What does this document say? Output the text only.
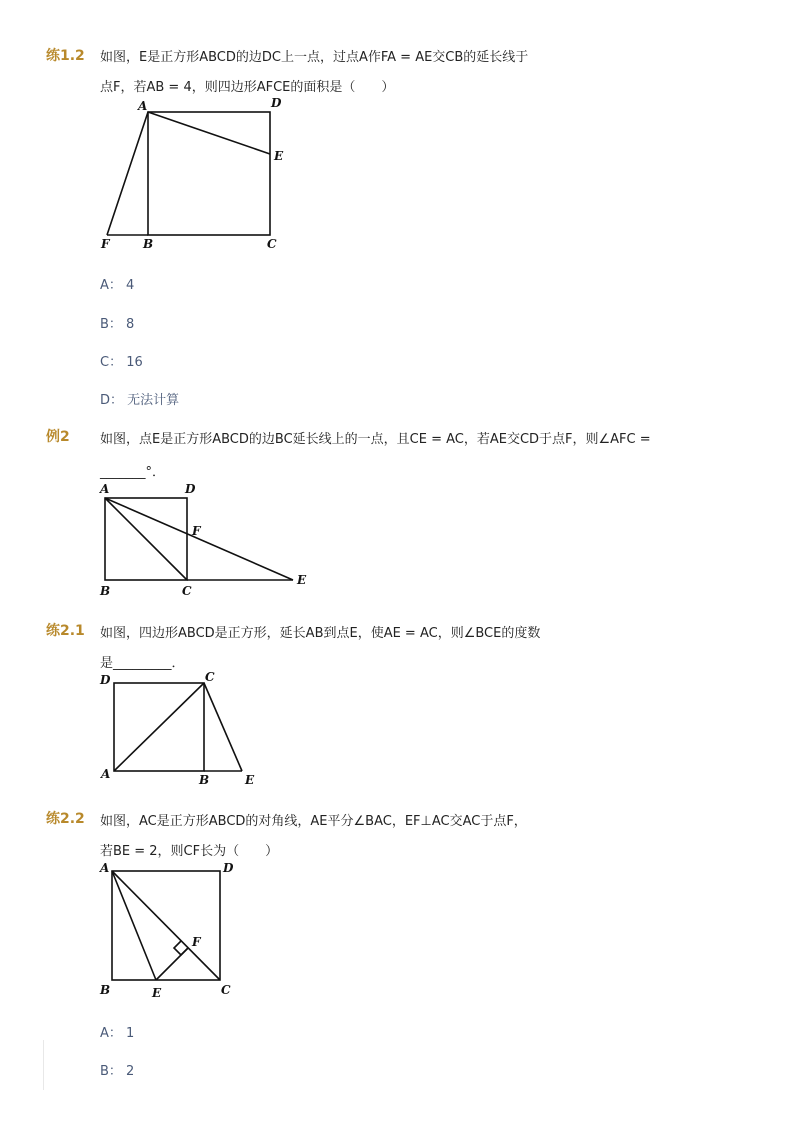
练1.2 如图，E是正方形ABCD的边DC上一点，过点A作FA = AE交CB的延长线于
点F，若AB = 4，则四边形AFCE的面积是（　　）
A	D
E
F	B	C
A： 4
B： 8
C： 16
D： 无法计算
例2 如图，点E是正方形ABCD的边BC延长线上的一点，且CE = AC，若AE交CD于点F，则∠AFC =
_______°．
A	D
F
B	C
E
练2.1 如图，四边形ABCD是正方形，延长AB到点E，使AE = AC，则∠BCE的度数
是_________．
D	C
A	B	E
练2.2 如图，AC是正方形ABCD的对角线，AE平分∠BAC，EF⊥AC交AC于点F，
若BE = 2，则CF长为（　　）
A	D
F
B	E	C
A： 1
B： 2
